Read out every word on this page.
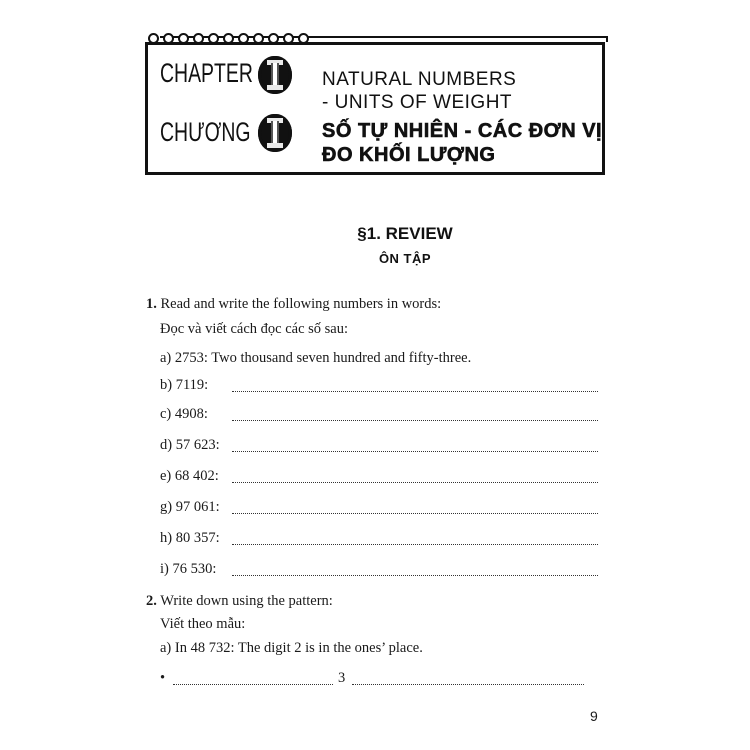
CHAPTER
CHƯƠNG
NATURAL NUMBERS
- UNITS OF WEIGHT
SỐ TỰ NHIÊN - CÁC ĐƠN VỊ
ĐO KHỐI LƯỢNG
§1. REVIEW
ÔN TẬP
1. Read and write the following numbers in words:
Đọc và viết cách đọc các số sau:
a) 2753: Two thousand seven hundred and fifty-three.
b) 7119:
c) 4908:
d) 57 623:
e) 68 402:
g) 97 061:
h) 80 357:
i) 76 530:
2. Write down using the pattern:
Viết theo mẫu:
a) In 48 732: The digit 2 is in the ones’ place.
•	3
9
